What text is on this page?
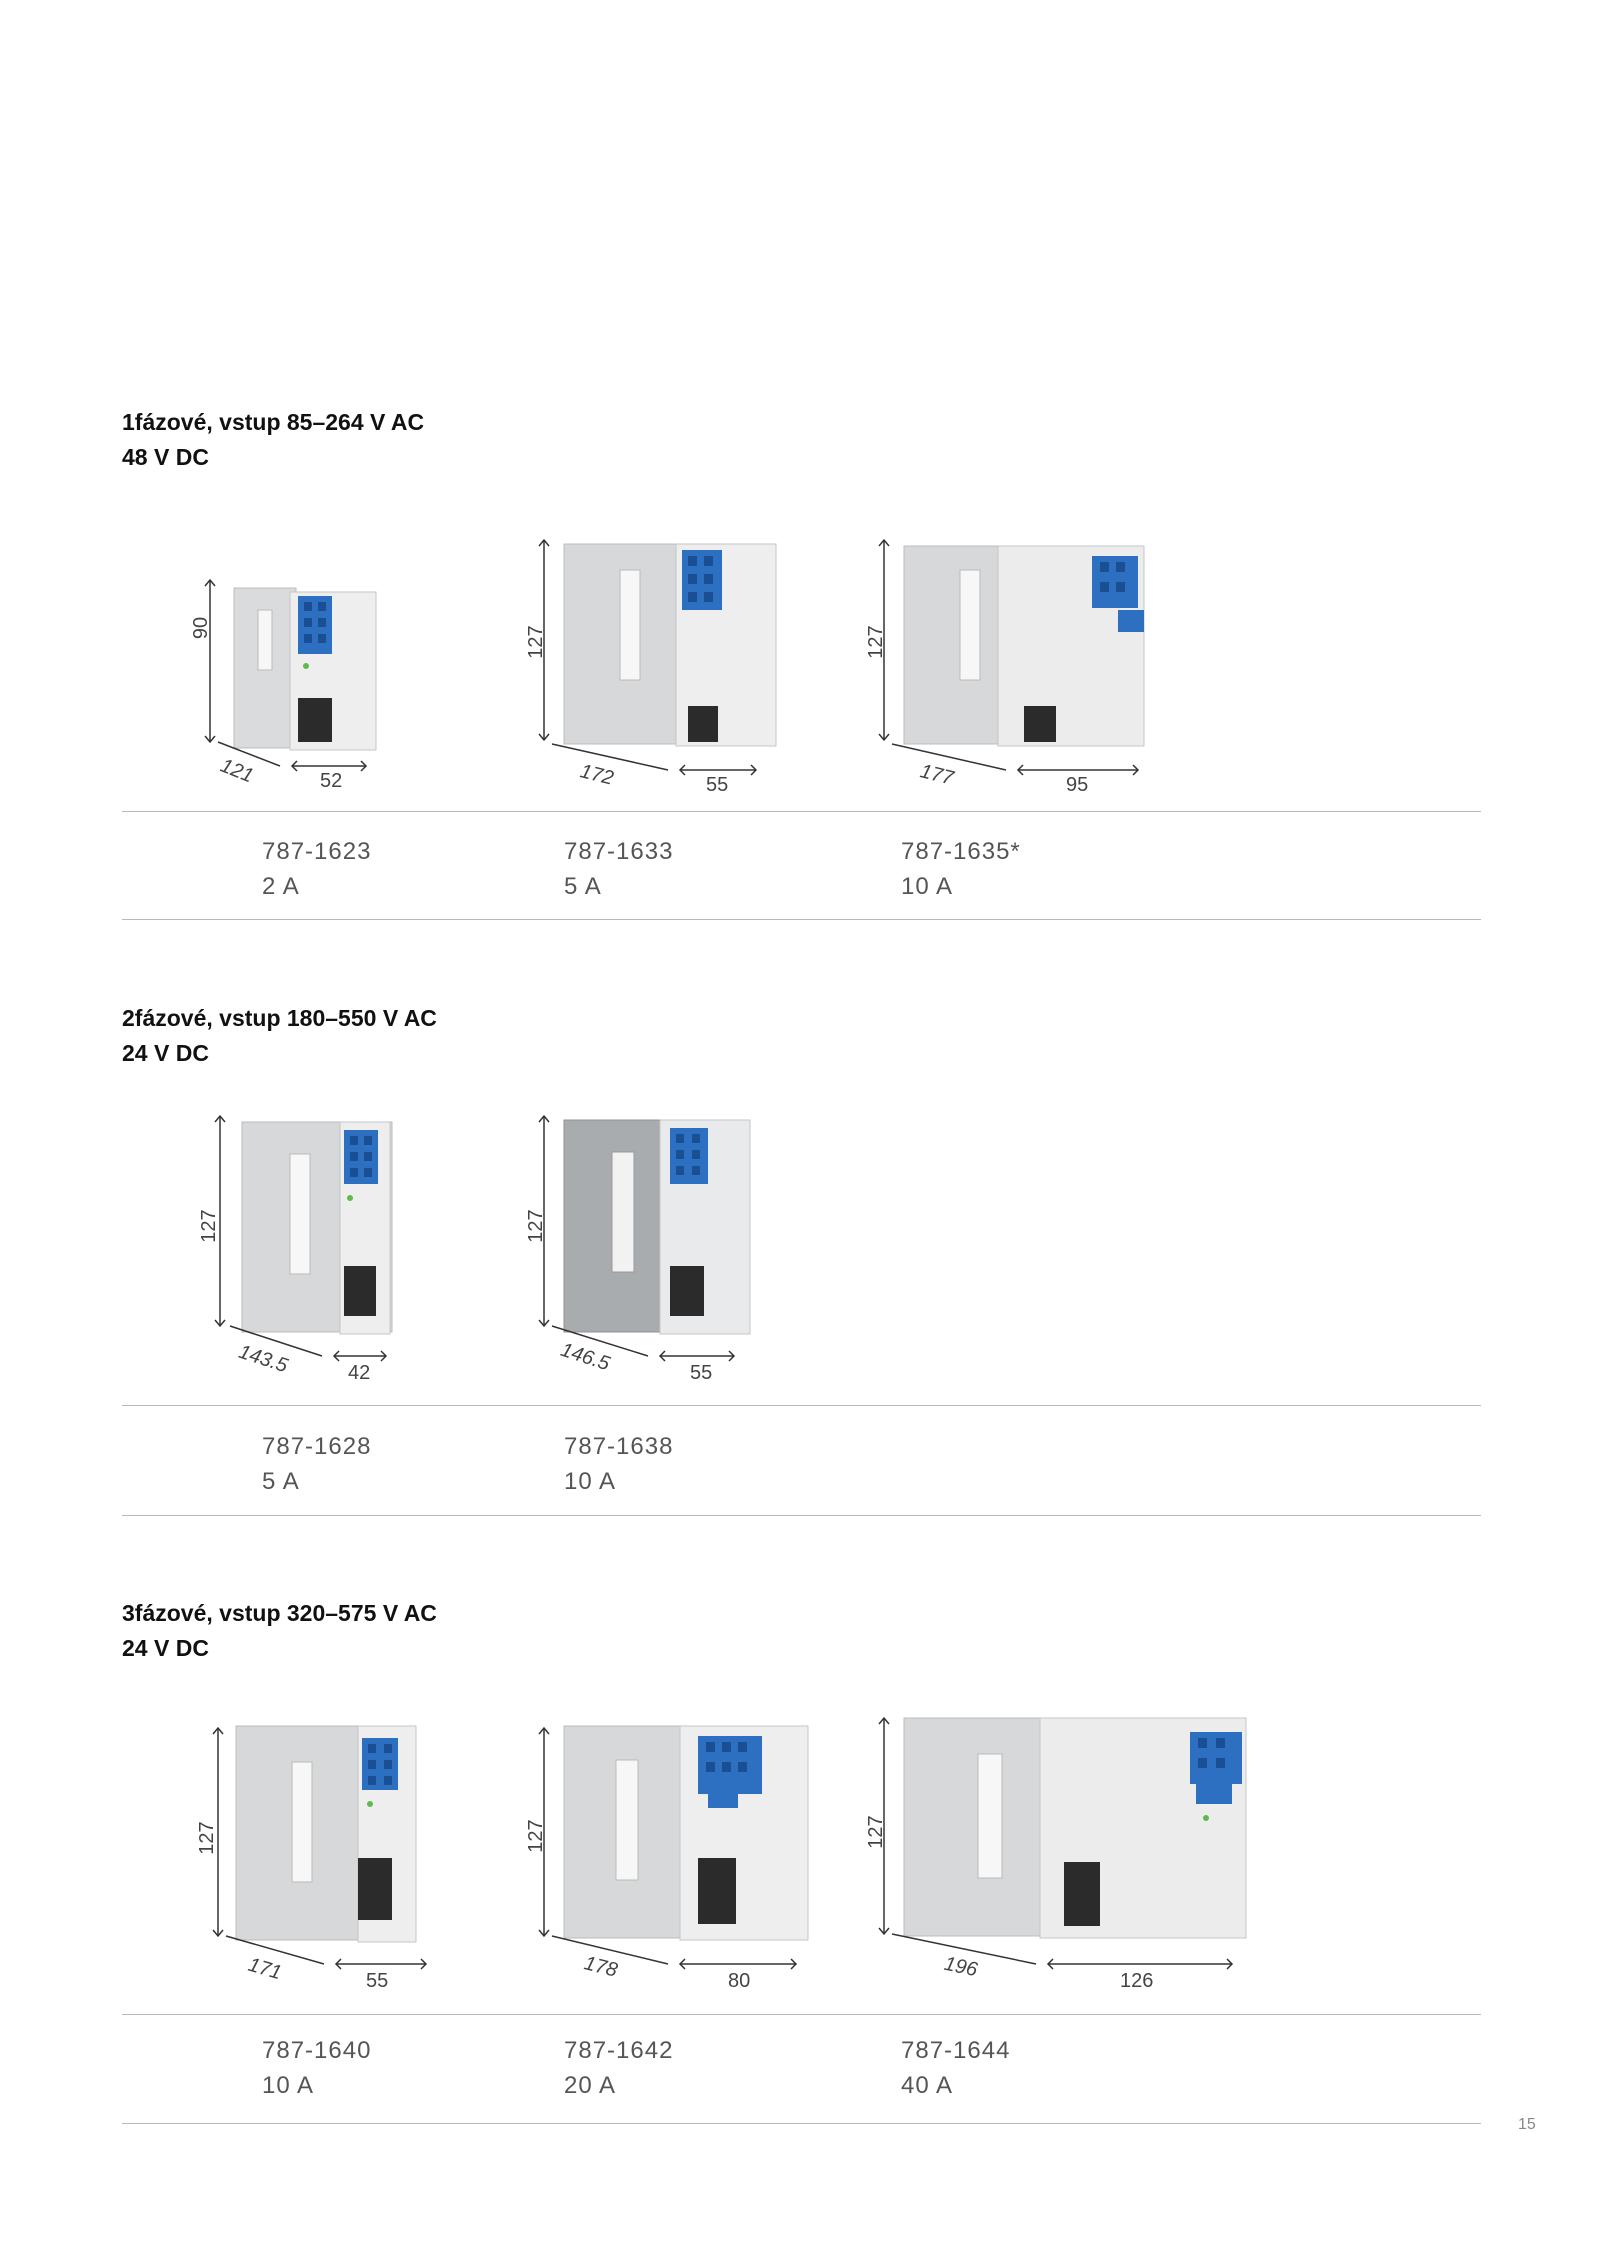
1fázové, vstup 85–264 V AC
48 V DC
90
121	52
127
172	55
127
177	95
787-1623
2 A
787-1633
5 A
787-1635*
10 A
2fázové, vstup 180–550 V AC
24 V DC
127
143.5	42
127
146.5	55
787-1628
5 A
787-1638
10 A
3fázové, vstup 320–575 V AC
24 V DC
127
171	55
127
178	80
127
196	126
787-1640
10 A
787-1642
20 A
787-1644
40 A
15
